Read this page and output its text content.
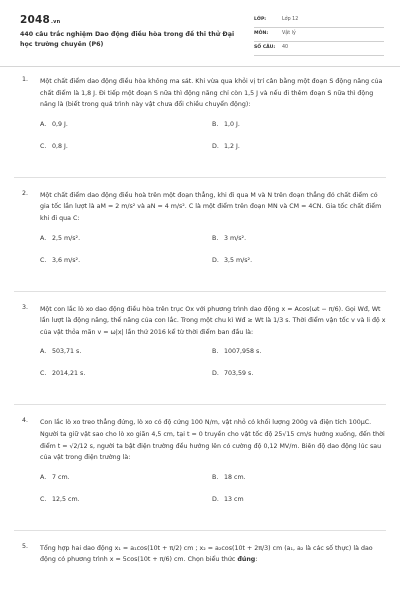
2048.vn
440 câu trắc nghiệm Dao động điều hòa trong đề thi thử Đại học trường chuyên (P6)
LỚP:	Lớp 12
MÔN:	Vật lý
SỐ CÂU: 40
1. Một chất điểm dao động điều hòa không ma sát. Khi vừa qua khỏi vị trí cân bằng một đoạn S động năng của chất điểm là 1,8 J. Đi tiếp một đoạn S nữa thì động năng chỉ còn 1,5 J và nếu đi thêm đoạn S nữa thì động năng là (biết trong quá trình này vật chưa đổi chiều chuyển động):
A. 0,9 J.	B. 1,0 J.
C. 0,8 J.	D. 1,2 J.
2. Một chất điểm dao động điều hoà trên một đoạn thẳng, khi đi qua M và N trên đoạn thẳng đó chất điểm có gia tốc lần lượt là aM = 2 m/s² và aN = 4 m/s². C là một điểm trên đoạn MN và CM = 4CN. Gia tốc chất điểm khi đi qua C:
A. 2,5 m/s².	B. 3 m/s².
C. 3,6 m/s².	D. 3,5 m/s².
3. Một con lắc lò xo dao động điều hòa trên trục Ox với phương trình dao động x = Acos(ωt − π/6). Gọi Wđ, Wt lần lượt là động năng, thế năng của con lắc. Trong một chu kì Wđ ≥ Wt là 1/3 s. Thời điểm vận tốc v và li độ x của vật thỏa mãn v = ω|x| lần thứ 2016 kể từ thời điểm ban đầu là:
A. 503,71 s.	B. 1007,958 s.
C. 2014,21 s.	D. 703,59 s.
4. Con lắc lò xo treo thẳng đứng, lò xo có độ cứng 100 N/m, vật nhỏ có khối lượng 200g và điện tích 100μC. Người ta giữ vật sao cho lò xo giãn 4,5 cm, tại t = 0 truyền cho vật tốc độ 25√15 cm/s hướng xuống, đến thời điểm t = √2/12 s, người ta bật điện trường đều hướng lên có cường độ 0,12 MV/m. Biên độ dao động lúc sau của vật trong điện trường là:
A. 7 cm.	B. 18 cm.
C. 12,5 cm.	D. 13 cm
5. Tổng hợp hai dao động x₁ = a₁cos(10t + π/2) cm ; x₂ = a₂cos(10t + 2π/3) cm (a₁, a₂ là các số thực) là dao động có phương trình x = 5cos(10t + π/6) cm. Chọn biểu thức đúng:
